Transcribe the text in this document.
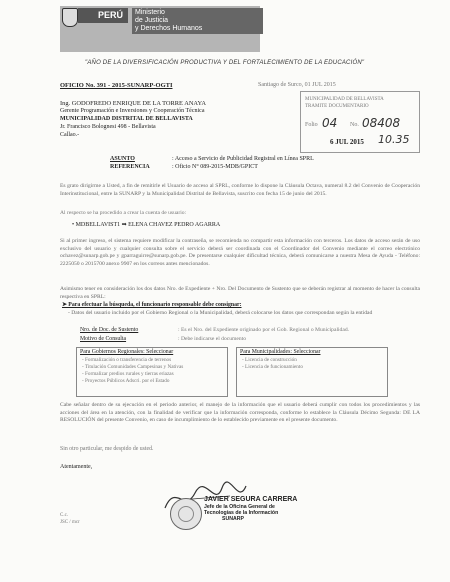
PERÚ	Ministerio
de Justicia
y Derechos Humanos
"AÑO DE LA DIVERSIFICACIÓN PRODUCTIVA Y DEL FORTALECIMIENTO DE LA EDUCACIÓN"
OFICIO No. 391 - 2015-SUNARP-OGTI	Santiago de Surco, 01 JUL 2015
Ing. GODOFREDO ENRIQUE DE LA TORRE ANAYA
Gerente Programación e Inversiones y Cooperación Técnica
MUNICIPALIDAD DISTRITAL DE BELLAVISTA
Jr. Francisco Bolognesi 498 - Bellavista
Callao.-
MUNICIPALIDAD DE BELLAVISTA
TRAMITE DOCUMENTARIO
Folio 04 No. 08408
6 JUL 2015 10.35
ASUNTO	: Acceso a Servicio de Publicidad Registral en Línea SPRL
REFERENCIA	: Oficio N° 089-2015-MDB/GPICT
Es grato dirigirme a Usted, a fin de remitirle el Usuario de acceso al SPRL, conforme lo dispone la Cláusula Octava, numeral 8.2 del Convenio de Cooperación Interinstitucional, entre la SUNARP y la Municipalidad Distrital de Bellavista, suscrito con fecha 15 de junio del 2015.
Al respecto se ha procedido a crear la cuenta de usuario:
• MDBELLAVIST1 ➡ ELENA CHAVEZ PEDRO AGARRA
Si al primer ingreso, el sistema requiere modificar la contraseña, se recomienda no compartir esta información con terceros. Los datos de acceso serán de uso exclusivo del usuario y cualquier consulta sobre el servicio deberá ser coordinada con el Coordinador del Convenio mediante el correo electrónico ochavez@sunarp.gob.pe y gparraguirre@sunarp.gob.pe. De presentarse cualquier dificultad técnica, deberá comunicarse a nuestra Mesa de Ayuda - Teléfono: 2225050 o 2015700 anexo 9907 en los correos antes mencionados.
Asimismo tener en consideración los dos datos Nro. de Expediente + Nro. Del Documento de Sustento que se deberán registrar al momento de hacer la consulta respectiva en SPRL:
➤ Para efectuar la búsqueda, el funcionario responsable debe consignar:
- Datos del usuario incluido por el Gobierno Regional o la Municipalidad, deberá colocarse los datos que correspondan según la entidad
Nro. de Doc. de Sustento	: Es el Nro. del Expediente originado por el Gob. Regional o Municipalidad.
Motivo de Consulta	: Debe indicarse el documento
Para Gobiernos Regionales: Seleccionar
- Formalización o transferencia de terrenos
- Titulación Comunidades Campesinas y Nativas
- Formalizar predios rurales y tierras eriazas
- Proyectos Públicos Adscri. por el Estado
Para Municipalidades: Seleccionar
- Licencia de construcción
- Licencia de funcionamiento
Cabe señalar dentro de su ejecución en el periodo anterior, el manejo de la información que el usuario deberá cumplir con todos los procedimientos y las acciones del área en la atención, con la finalidad de verificar que la información corresponda, conforme lo establece la Cláusula Décimo Segunda: DE LA RESOLUCIÓN del presente Convenio, en caso de incumplimiento de lo establecido previamente en el presente documento.
Sin otro particular, me despido de usted.
Atentamente,
JAVIER SEGURA CARRERA
Jefe de la Oficina General de
Tecnologías de la Información
SUNARP
C.c.
JSC / mcr
